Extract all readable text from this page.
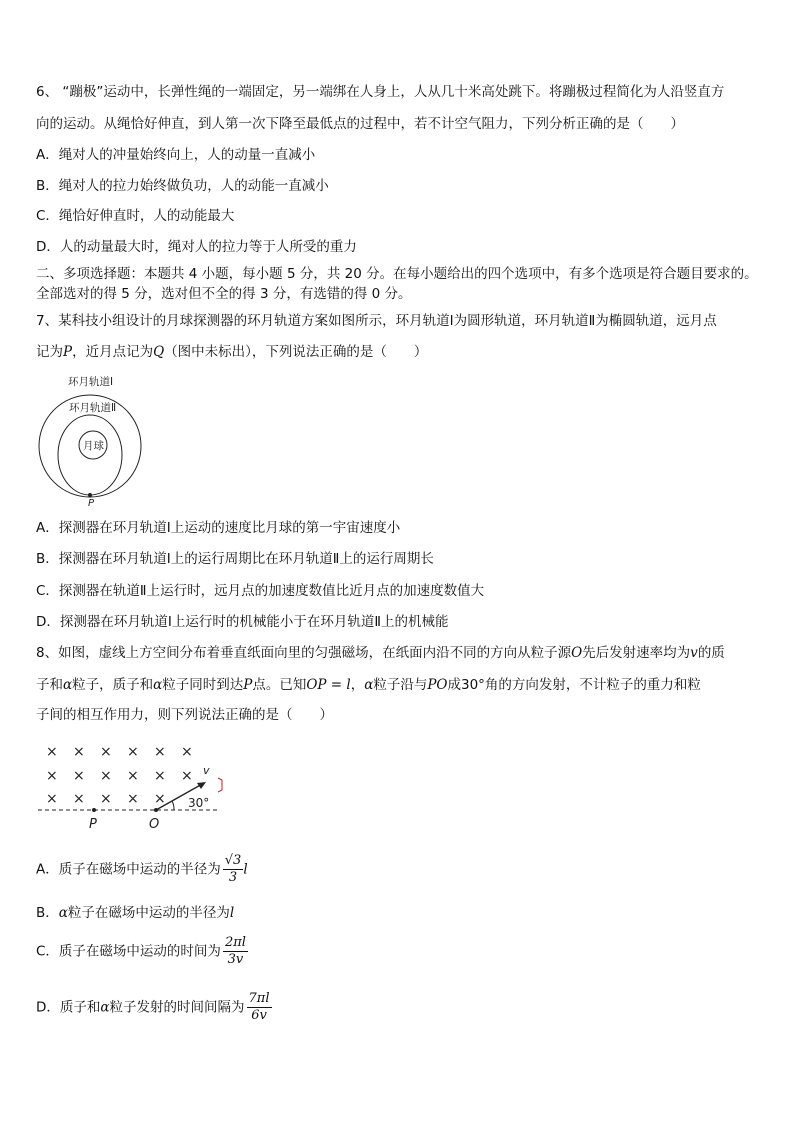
6、 “蹦极”运动中，长弹性绳的一端固定，另一端绑在人身上，人从几十米高处跳下。将蹦极过程简化为人沿竖直方
向的运动。从绳恰好伸直，到人第一次下降至最低点的过程中，若不计空气阻力，下列分析正确的是（　　）
A．绳对人的冲量始终向上，人的动量一直减小
B．绳对人的拉力始终做负功，人的动能一直减小
C．绳恰好伸直时，人的动能最大
D．人的动量最大时，绳对人的拉力等于人所受的重力
二、多项选择题：本题共 4 小题，每小题 5 分，共 20 分。在每小题给出的四个选项中，有多个选项是符合题目要求的。
全部选对的得 5 分，选对但不全的得 3 分，有选错的得 0 分。
7、某科技小组设计的月球探测器的环月轨道方案如图所示，环月轨道Ⅰ为圆形轨道，环月轨道Ⅱ为椭圆轨道，远月点
记为P，近月点记为Q（图中未标出），下列说法正确的是（　　）
环月轨道Ⅰ
环月轨道Ⅱ
月球
P
A．探测器在环月轨道Ⅰ上运动的速度比月球的第一宇宙速度小
B．探测器在环月轨道Ⅰ上的运行周期比在环月轨道Ⅱ上的运行周期长
C．探测器在轨道Ⅱ上运行时，远月点的加速度数值比近月点的加速度数值大
D．探测器在环月轨道Ⅰ上运行时的机械能小于在环月轨道Ⅱ上的机械能
8、如图，虚线上方空间分布着垂直纸面向里的匀强磁场，在纸面内沿不同的方向从粒子源O先后发射速率均为v的质
子和α粒子，质子和α粒子同时到达P点。已知OP = l，α粒子沿与PO成30°角的方向发射，不计粒子的重力和粒
子间的相互作用力，则下列说法正确的是（　　）
× × × × × ×
× × × × × ×
× × × × ×
v
30°
P	O
A．质子在磁场中运动的半径为 $\frac{√3}{3}$ l
B．α粒子在磁场中运动的半径为l
C．质子在磁场中运动的时间为 $\frac{2\pi l}{3v}$
D．质子和α粒子发射的时间间隔为 $\frac{7\pi l}{6v}$
